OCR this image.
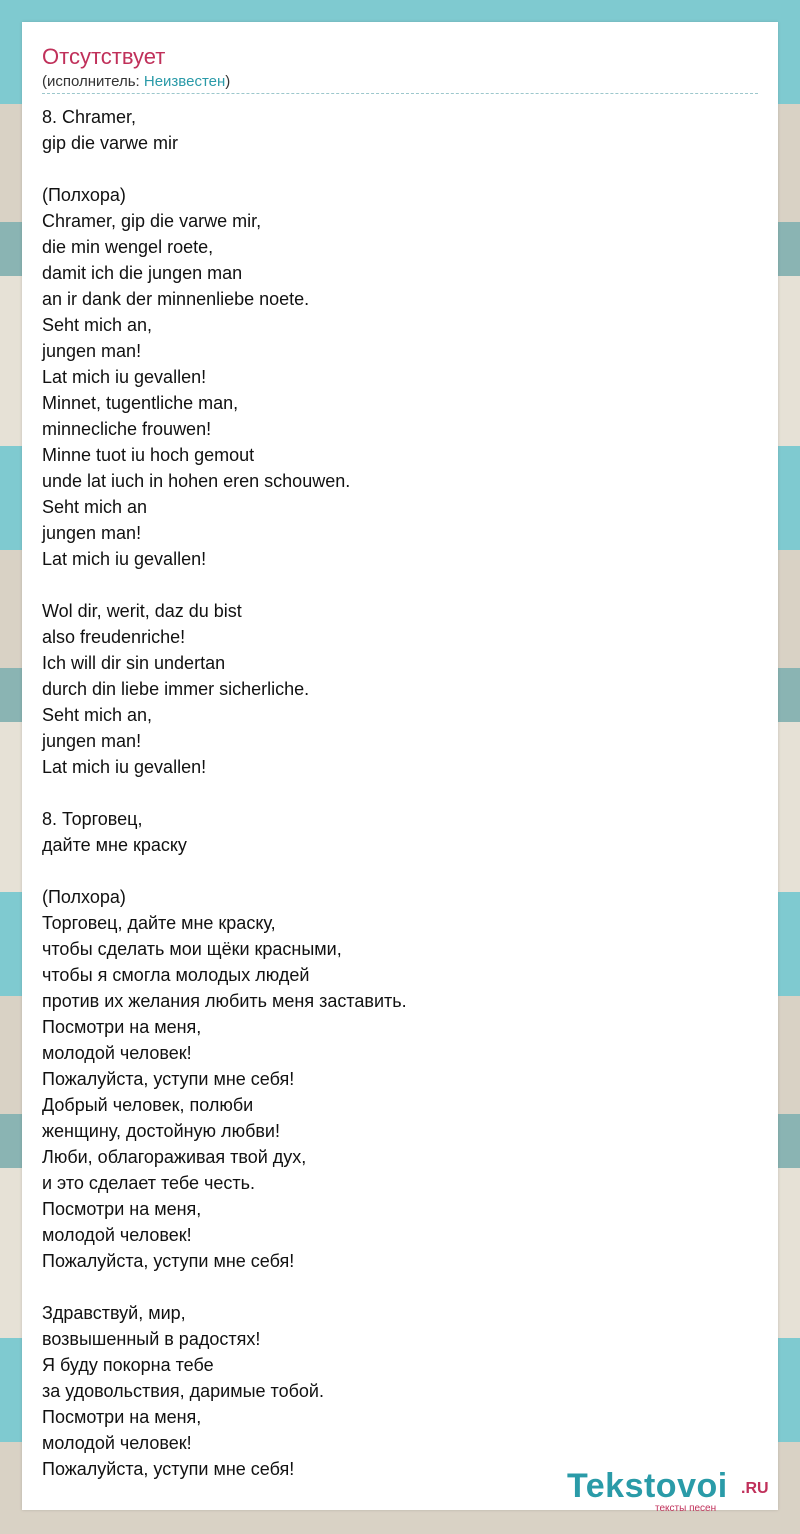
Отсутствует
(исполнитель: Неизвестен)
8. Chramer,
gip die varwe mir

(Полхора)
Chramer, gip die varwe mir,
die min wengel roete,
damit ich die jungen man
an ir dank der minnenliebe noete.
Seht mich an,
jungen man!
Lat mich iu gevallen!
Minnet, tugentliche man,
minnecliche frouwen!
Minne tuot iu hoch gemout
unde lat iuch in hohen eren schouwen.
Seht mich an
jungen man!
Lat mich iu gevallen!

Wol dir, werit, daz du bist
also freudenriche!
Ich will dir sin undertan
durch din liebe immer sicherliche.
Seht mich an,
jungen man!
Lat mich iu gevallen!

8. Торговец,
дайте мне краску

(Полхора)
Торговец, дайте мне краску,
чтобы сделать мои щёки красными,
чтобы я смогла молодых людей
против их желания любить меня заставить.
Посмотри на меня,
молодой человек!
Пожалуйста, уступи мне себя!
Добрый человек, полюби
женщину, достойную любви!
Люби, облагораживая твой дух,
и это сделает тебе честь.
Посмотри на меня,
молодой человек!
Пожалуйста, уступи мне себя!

Здравствуй, мир,
возвышенный в радостях!
Я буду покорна тебе
за удовольствия, даримые тобой.
Посмотри на меня,
молодой человек!
Пожалуйста, уступи мне себя!	Tekstovoi .RU
тексты песен
